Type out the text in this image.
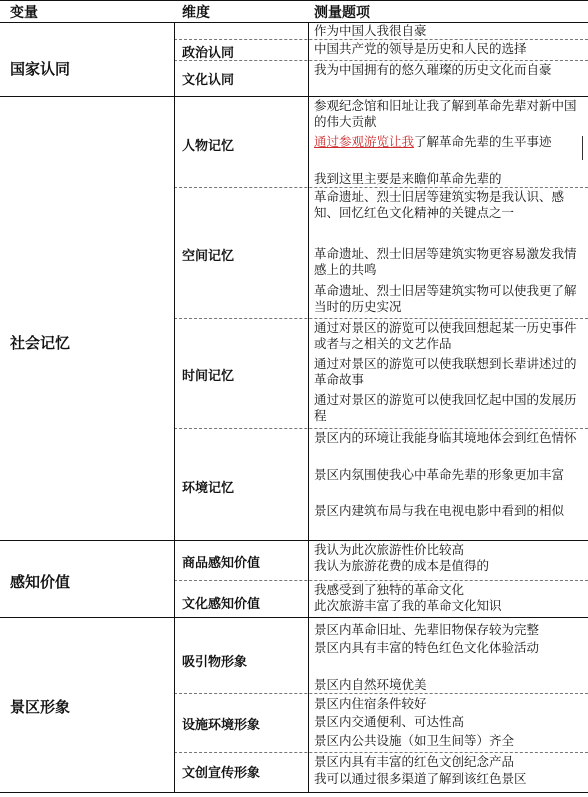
变量	维度	测量题项
国家认同
政治认同
文化认同
作为中国人我很自豪
中国共产党的领导是历史和人民的选择
我为中国拥有的悠久璀璨的历史文化而自豪
社会记忆
人物记忆
参观纪念馆和旧址让我了解到革命先辈对新中国的伟大贡献
通过参观游览让我了解革命先辈的生平事迹
我到这里主要是来瞻仰革命先辈的
空间记忆
革命遗址、烈士旧居等建筑实物是我认识、感知、回忆红色文化精神的关键点之一
革命遗址、烈士旧居等建筑实物更容易激发我情感上的共鸣
革命遗址、烈士旧居等建筑实物可以使我更了解当时的历史实况
时间记忆
通过对景区的游览可以使我回想起某一历史事件或者与之相关的文艺作品
通过对景区的游览可以使我联想到长辈讲述过的革命故事
通过对景区的游览可以使我回忆起中国的发展历程
环境记忆
景区内的环境让我能身临其境地体会到红色情怀
景区内氛围使我心中革命先辈的形象更加丰富
景区内建筑布局与我在电视电影中看到的相似
感知价值
商品感知价值
我认为此次旅游性价比较高
我认为旅游花费的成本是值得的
文化感知价值
我感受到了独特的革命文化
此次旅游丰富了我的革命文化知识
景区形象
吸引物形象
景区内革命旧址、先辈旧物保存较为完整
景区内具有丰富的特色红色文化体验活动
景区内自然环境优美
设施环境形象
景区内住宿条件较好
景区内交通便利、可达性高
景区内公共设施（如卫生间等）齐全
文创宣传形象
景区内具有丰富的红色文创纪念产品
我可以通过很多渠道了解到该红色景区
